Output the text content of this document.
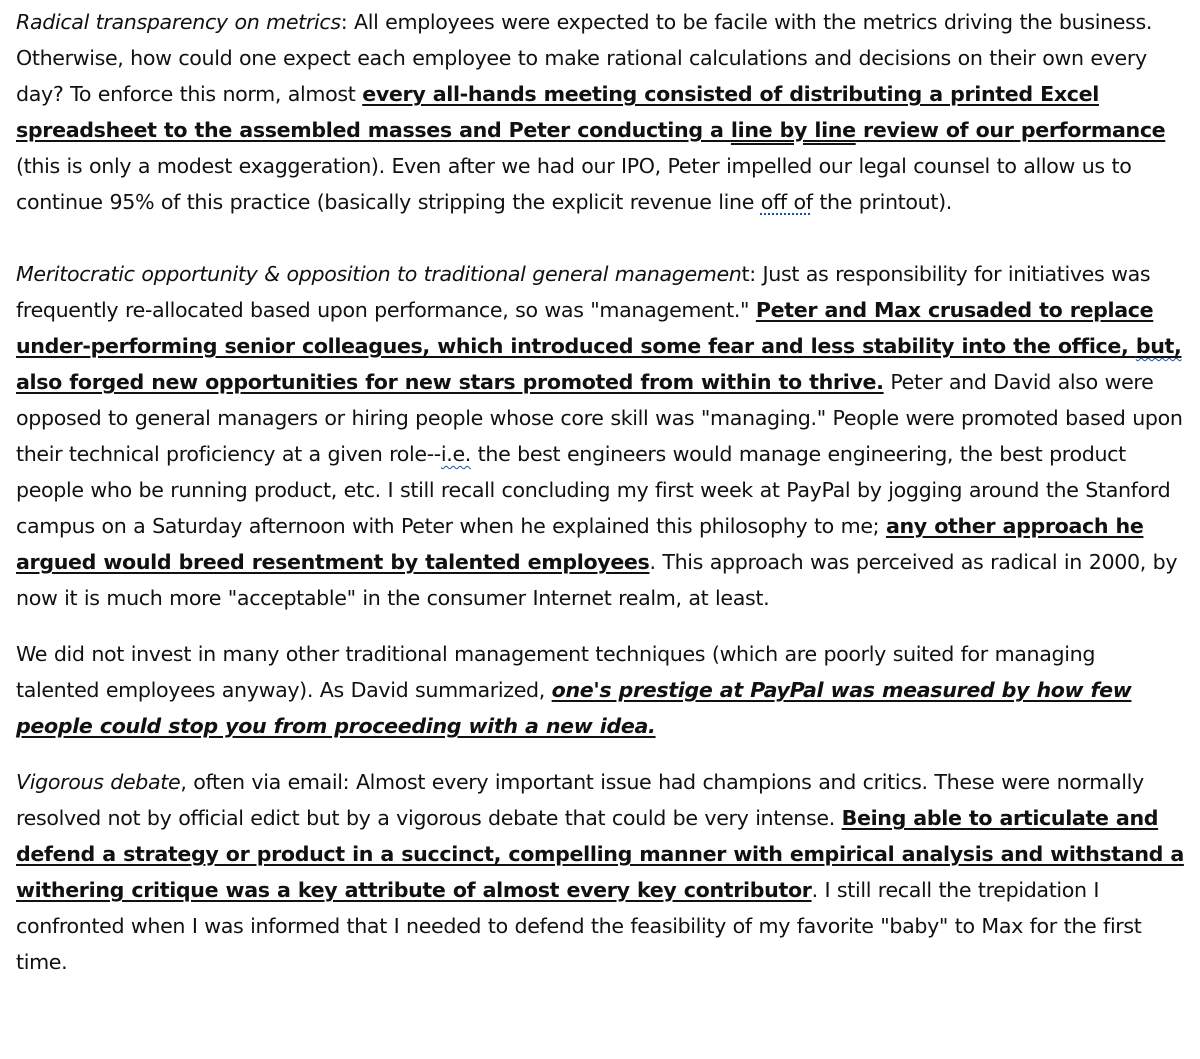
Radical transparency on metrics: All employees were expected to be facile with the metrics driving the business. Otherwise, how could one expect each employee to make rational calculations and decisions on their own every day? To enforce this norm, almost every all-hands meeting consisted of distributing a printed Excel spreadsheet to the assembled masses and Peter conducting a line by line review of our performance (this is only a modest exaggeration). Even after we had our IPO, Peter impelled our legal counsel to allow us to continue 95% of this practice (basically stripping the explicit revenue line off of the printout).

Meritocratic opportunity & opposition to traditional general management: Just as responsibility for initiatives was frequently re-allocated based upon performance, so was "management." Peter and Max crusaded to replace under-performing senior colleagues, which introduced some fear and less stability into the office, but, also forged new opportunities for new stars promoted from within to thrive. Peter and David also were opposed to general managers or hiring people whose core skill was "managing." People were promoted based upon their technical proficiency at a given role--i.e. the best engineers would manage engineering, the best product people who be running product, etc. I still recall concluding my first week at PayPal by jogging around the Stanford campus on a Saturday afternoon with Peter when he explained this philosophy to me; any other approach he argued would breed resentment by talented employees. This approach was perceived as radical in 2000, by now it is much more "acceptable" in the consumer Internet realm, at least.

We did not invest in many other traditional management techniques (which are poorly suited for managing talented employees anyway). As David summarized, one's prestige at PayPal was measured by how few people could stop you from proceeding with a new idea.

Vigorous debate, often via email: Almost every important issue had champions and critics. These were normally resolved not by official edict but by a vigorous debate that could be very intense. Being able to articulate and defend a strategy or product in a succinct, compelling manner with empirical analysis and withstand a withering critique was a key attribute of almost every key contributor. I still recall the trepidation I confronted when I was informed that I needed to defend the feasibility of my favorite "baby" to Max for the first time.
